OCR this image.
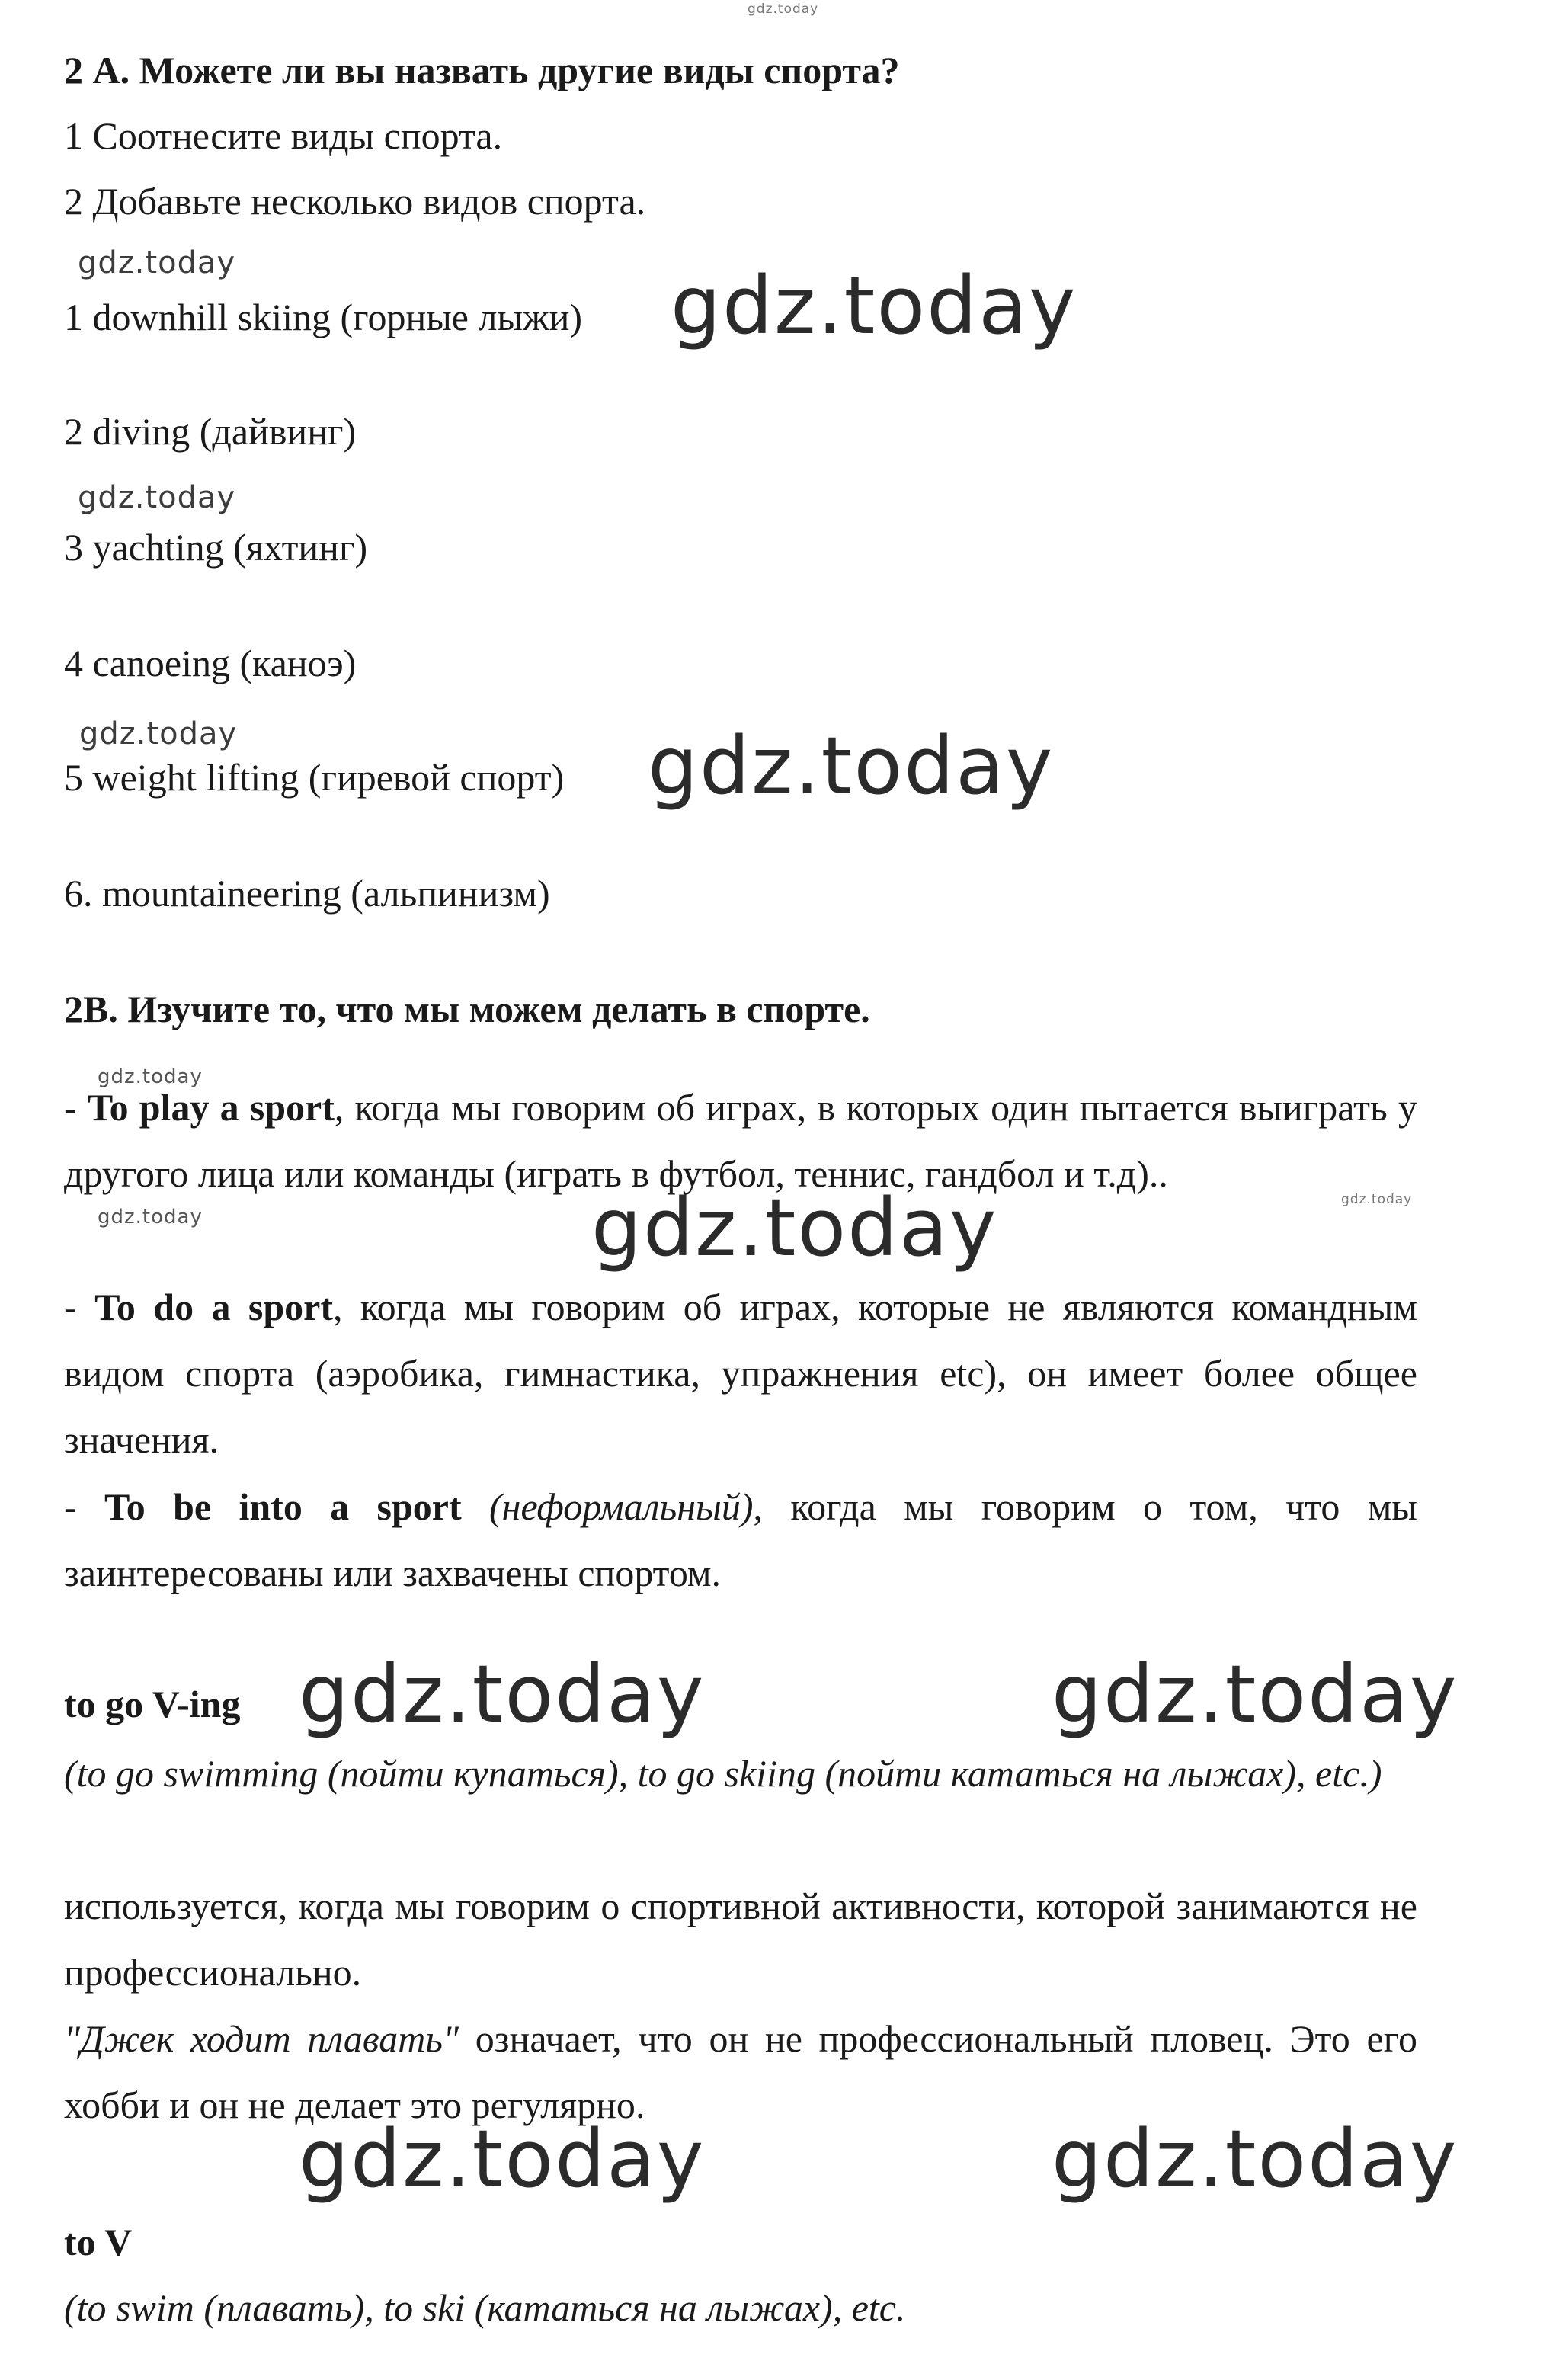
gdz.today
2 А. Можете ли вы назвать другие виды спорта?
1 Соотнесите виды спорта.
2 Добавьте несколько видов спорта.
gdz.today
1 downhill skiing (горные лыжи) gdz.today
2 diving (дайвинг)
gdz.today
3 yachting (яхтинг)
4 canoeing (каноэ)
gdz.today
5 weight lifting (гиревой спорт) gdz.today
6. mountaineering (альпинизм)
2В. Изучите то, что мы можем делать в спорте.
gdz.today
- To play a sport, когда мы говорим об играх, в которых один пытается выиграть у другого лица или команды (играть в футбол, теннис, гандбол и т.д)..
gdz.today
gdz.today
gdz.today
- To do a sport, когда мы говорим об играх, которые не являются командным видом спорта (аэробика, гимнастика, упражнения etc), он имеет более общее значения.
- To be into a sport (неформальный), когда мы говорим о том, что мы заинтересованы или захвачены спортом.
to go V-ing gdz.today	gdz.today
(to go swimming (пойти купаться), to go skiing (пойти кататься на лыжах), etc.)
используется, когда мы говорим о спортивной активности, которой занимаются не профессионально.
"Джек ходит плавать" означает, что он не профессиональный пловец. Это его хобби и он не делает это регулярно.
gdz.today	gdz.today
to V
(to swim (плавать), to ski (кататься на лыжах), etc.
